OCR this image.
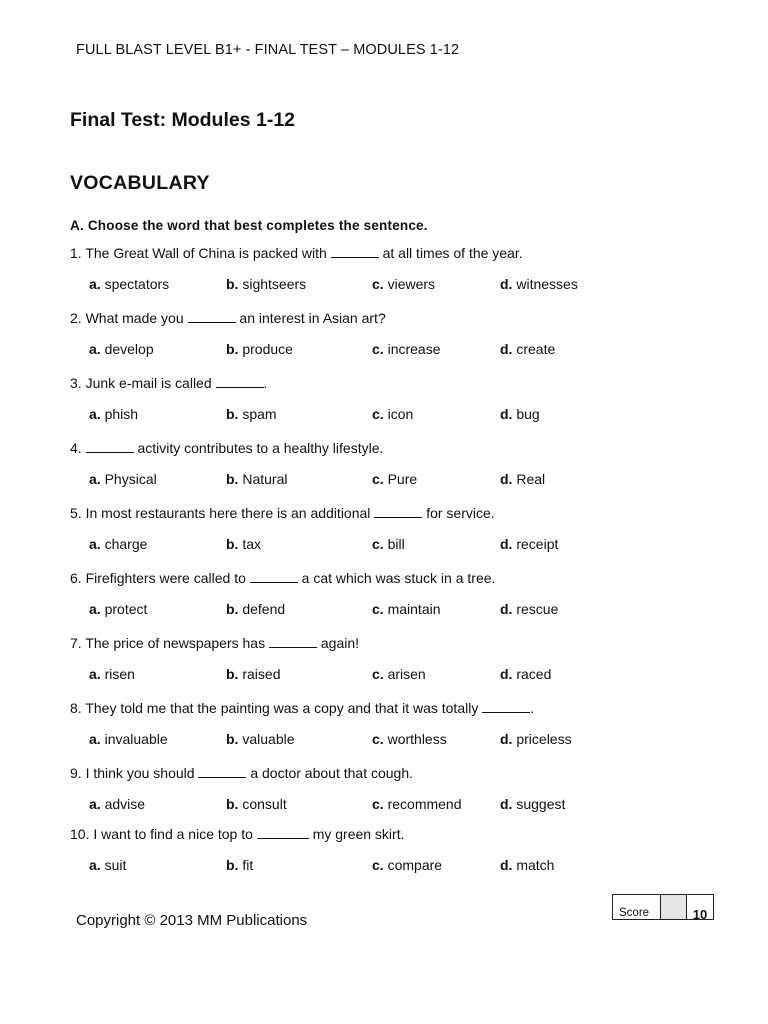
FULL BLAST LEVEL B1+ - FINAL TEST – MODULES 1-12
Final Test: Modules 1-12
VOCABULARY
A. Choose the word that best completes the sentence.
1. The Great Wall of China is packed with	at all times of the year.
a. spectators	b. sightseers	c. viewers	d. witnesses
2. What made you	an interest in Asian art?
a. develop	b. produce	c. increase	d. create
3. Junk e-mail is called	.
a. phish	b. spam	c. icon	d. bug
4.	activity contributes to a healthy lifestyle.
a. Physical	b. Natural	c. Pure	d. Real
5. In most restaurants here there is an additional	for service.
a. charge	b. tax	c. bill	d. receipt
6. Firefighters were called to	a cat which was stuck in a tree.
a. protect	b. defend	c. maintain	d. rescue
7. The price of newspapers has	again!
a. risen	b. raised	c. arisen	d. raced
8. They told me that the painting was a copy and that it was totally	.
a. invaluable	b. valuable	c. worthless	d. priceless
9. I think you should	a doctor about that cough.
a. advise	b. consult	c. recommend	d. suggest
10. I want to find a nice top to	my green skirt.
a. suit	b. fit	c. compare	d. match
Copyright © 2013 MM Publications	Score	10
